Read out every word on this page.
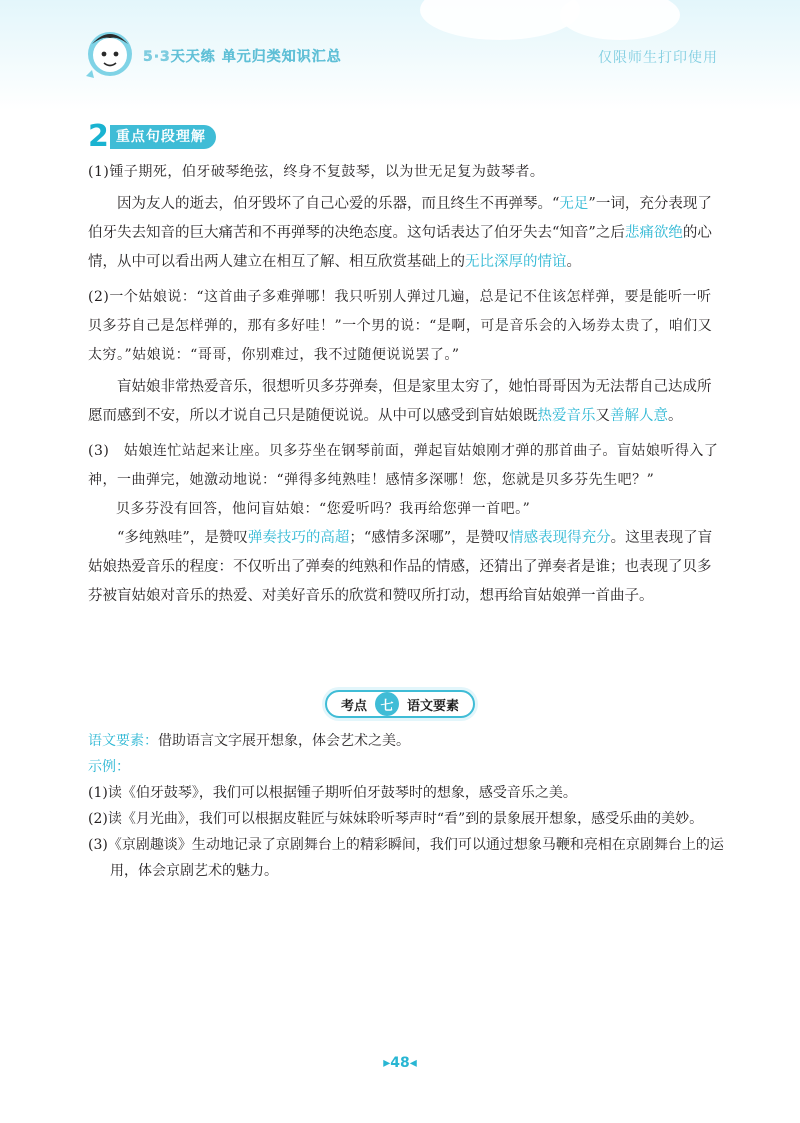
5·3天天练 单元归类知识汇总	仅限师生打印使用
2 重点句段理解

(1)锺子期死，伯牙破琴绝弦，终身不复鼓琴，以为世无足复为鼓琴者。

因为友人的逝去，伯牙毁坏了自己心爱的乐器，而且终生不再弹琴。“无足”一词，充分表现了伯牙失去知音的巨大痛苦和不再弹琴的决绝态度。这句话表达了伯牙失去“知音”之后悲痛欲绝的心情，从中可以看出两人建立在相互了解、相互欣赏基础上的无比深厚的情谊。

(2)一个姑娘说：“这首曲子多难弹哪！我只听别人弹过几遍，总是记不住该怎样弹，要是能听一听贝多芬自己是怎样弹的，那有多好哇！”一个男的说：“是啊，可是音乐会的入场券太贵了，咱们又太穷。”姑娘说：“哥哥，你别难过，我不过随便说说罢了。”

盲姑娘非常热爱音乐，很想听贝多芬弹奏，但是家里太穷了，她怕哥哥因为无法帮自己达成所愿而感到不安，所以才说自己只是随便说说。从中可以感受到盲姑娘既热爱音乐又善解人意。

(3)　姑娘连忙站起来让座。贝多芬坐在钢琴前面，弹起盲姑娘刚才弹的那首曲子。盲姑娘听得入了神，一曲弹完，她激动地说：“弹得多纯熟哇！感情多深哪！您，您就是贝多芬先生吧？”

贝多芬没有回答，他问盲姑娘：“您爱听吗？我再给您弹一首吧。”

“多纯熟哇”，是赞叹弹奏技巧的高超；“感情多深哪”，是赞叹情感表现得充分。这里表现了盲姑娘热爱音乐的程度：不仅听出了弹奏的纯熟和作品的情感，还猜出了弹奏者是谁；也表现了贝多芬被盲姑娘对音乐的热爱、对美好音乐的欣赏和赞叹所打动，想再给盲姑娘弹一首曲子。

考点	七	语文要素

语文要素：借助语言文字展开想象，体会艺术之美。

示例：

(1)读《伯牙鼓琴》，我们可以根据锺子期听伯牙鼓琴时的想象，感受音乐之美。

(2)读《月光曲》，我们可以根据皮鞋匠与妹妹聆听琴声时“看”到的景象展开想象，感受乐曲的美妙。

(3)《京剧趣谈》生动地记录了京剧舞台上的精彩瞬间，我们可以通过想象马鞭和亮相在京剧舞台上的运用，体会京剧艺术的魅力。

▸48◂
